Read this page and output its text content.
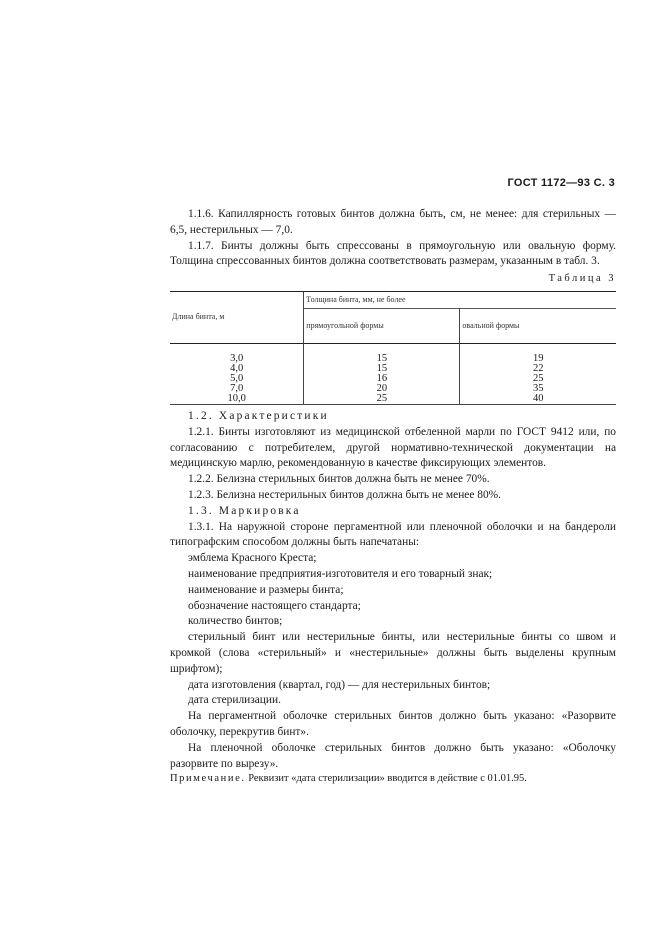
ГОСТ 1172—93 С. 3

1.1.6. Капиллярность готовых бинтов должна быть, см, не менее: для стерильных — 6,5, нестерильных — 7,0.

1.1.7. Бинты должны быть спрессованы в прямоугольную или овальную форму. Толщина спрессованных бинтов должна соответствовать размерам, указанным в табл. 3.

Таблица 3
Длина бинта, м	Толщина бинта, мм, не более	
	прямоугольной формы	овальной формы
3,0	15	19
4,0	15	22
5,0	16	25
7,0	20	35
10,0	25	40

1.2. Характеристики

1.2.1. Бинты изготовляют из медицинской отбеленной марли по ГОСТ 9412 или, по согласованию с потребителем, другой нормативно-технической документации на медицинскую марлю, рекомендованную в качестве фиксирующих элементов.

1.2.2. Белизна стерильных бинтов должна быть не менее 70%.

1.2.3. Белизна нестерильных бинтов должна быть не менее 80%.

1.3. Маркировка

1.3.1. На наружной стороне пергаментной или пленочной оболочки и на бандероли типографским способом должны быть напечатаны:

эмблема Красного Креста;

наименование предприятия-изготовителя и его товарный знак;

наименование и размеры бинта;

обозначение настоящего стандарта;

количество бинтов;

стерильный бинт или нестерильные бинты, или нестерильные бинты со швом и кромкой (слова «стерильный» и «нестерильные» должны быть выделены крупным шрифтом);

дата изготовления (квартал, год) — для нестерильных бинтов;

дата стерилизации.

На пергаментной оболочке стерильных бинтов должно быть указано: «Разорвите оболочку, перекрутив бинт».

На пленочной оболочке стерильных бинтов должно быть указано: «Оболочку разорвите по вырезу».

Примечание. Реквизит «дата стерилизации» вводится в действие с 01.01.95.
